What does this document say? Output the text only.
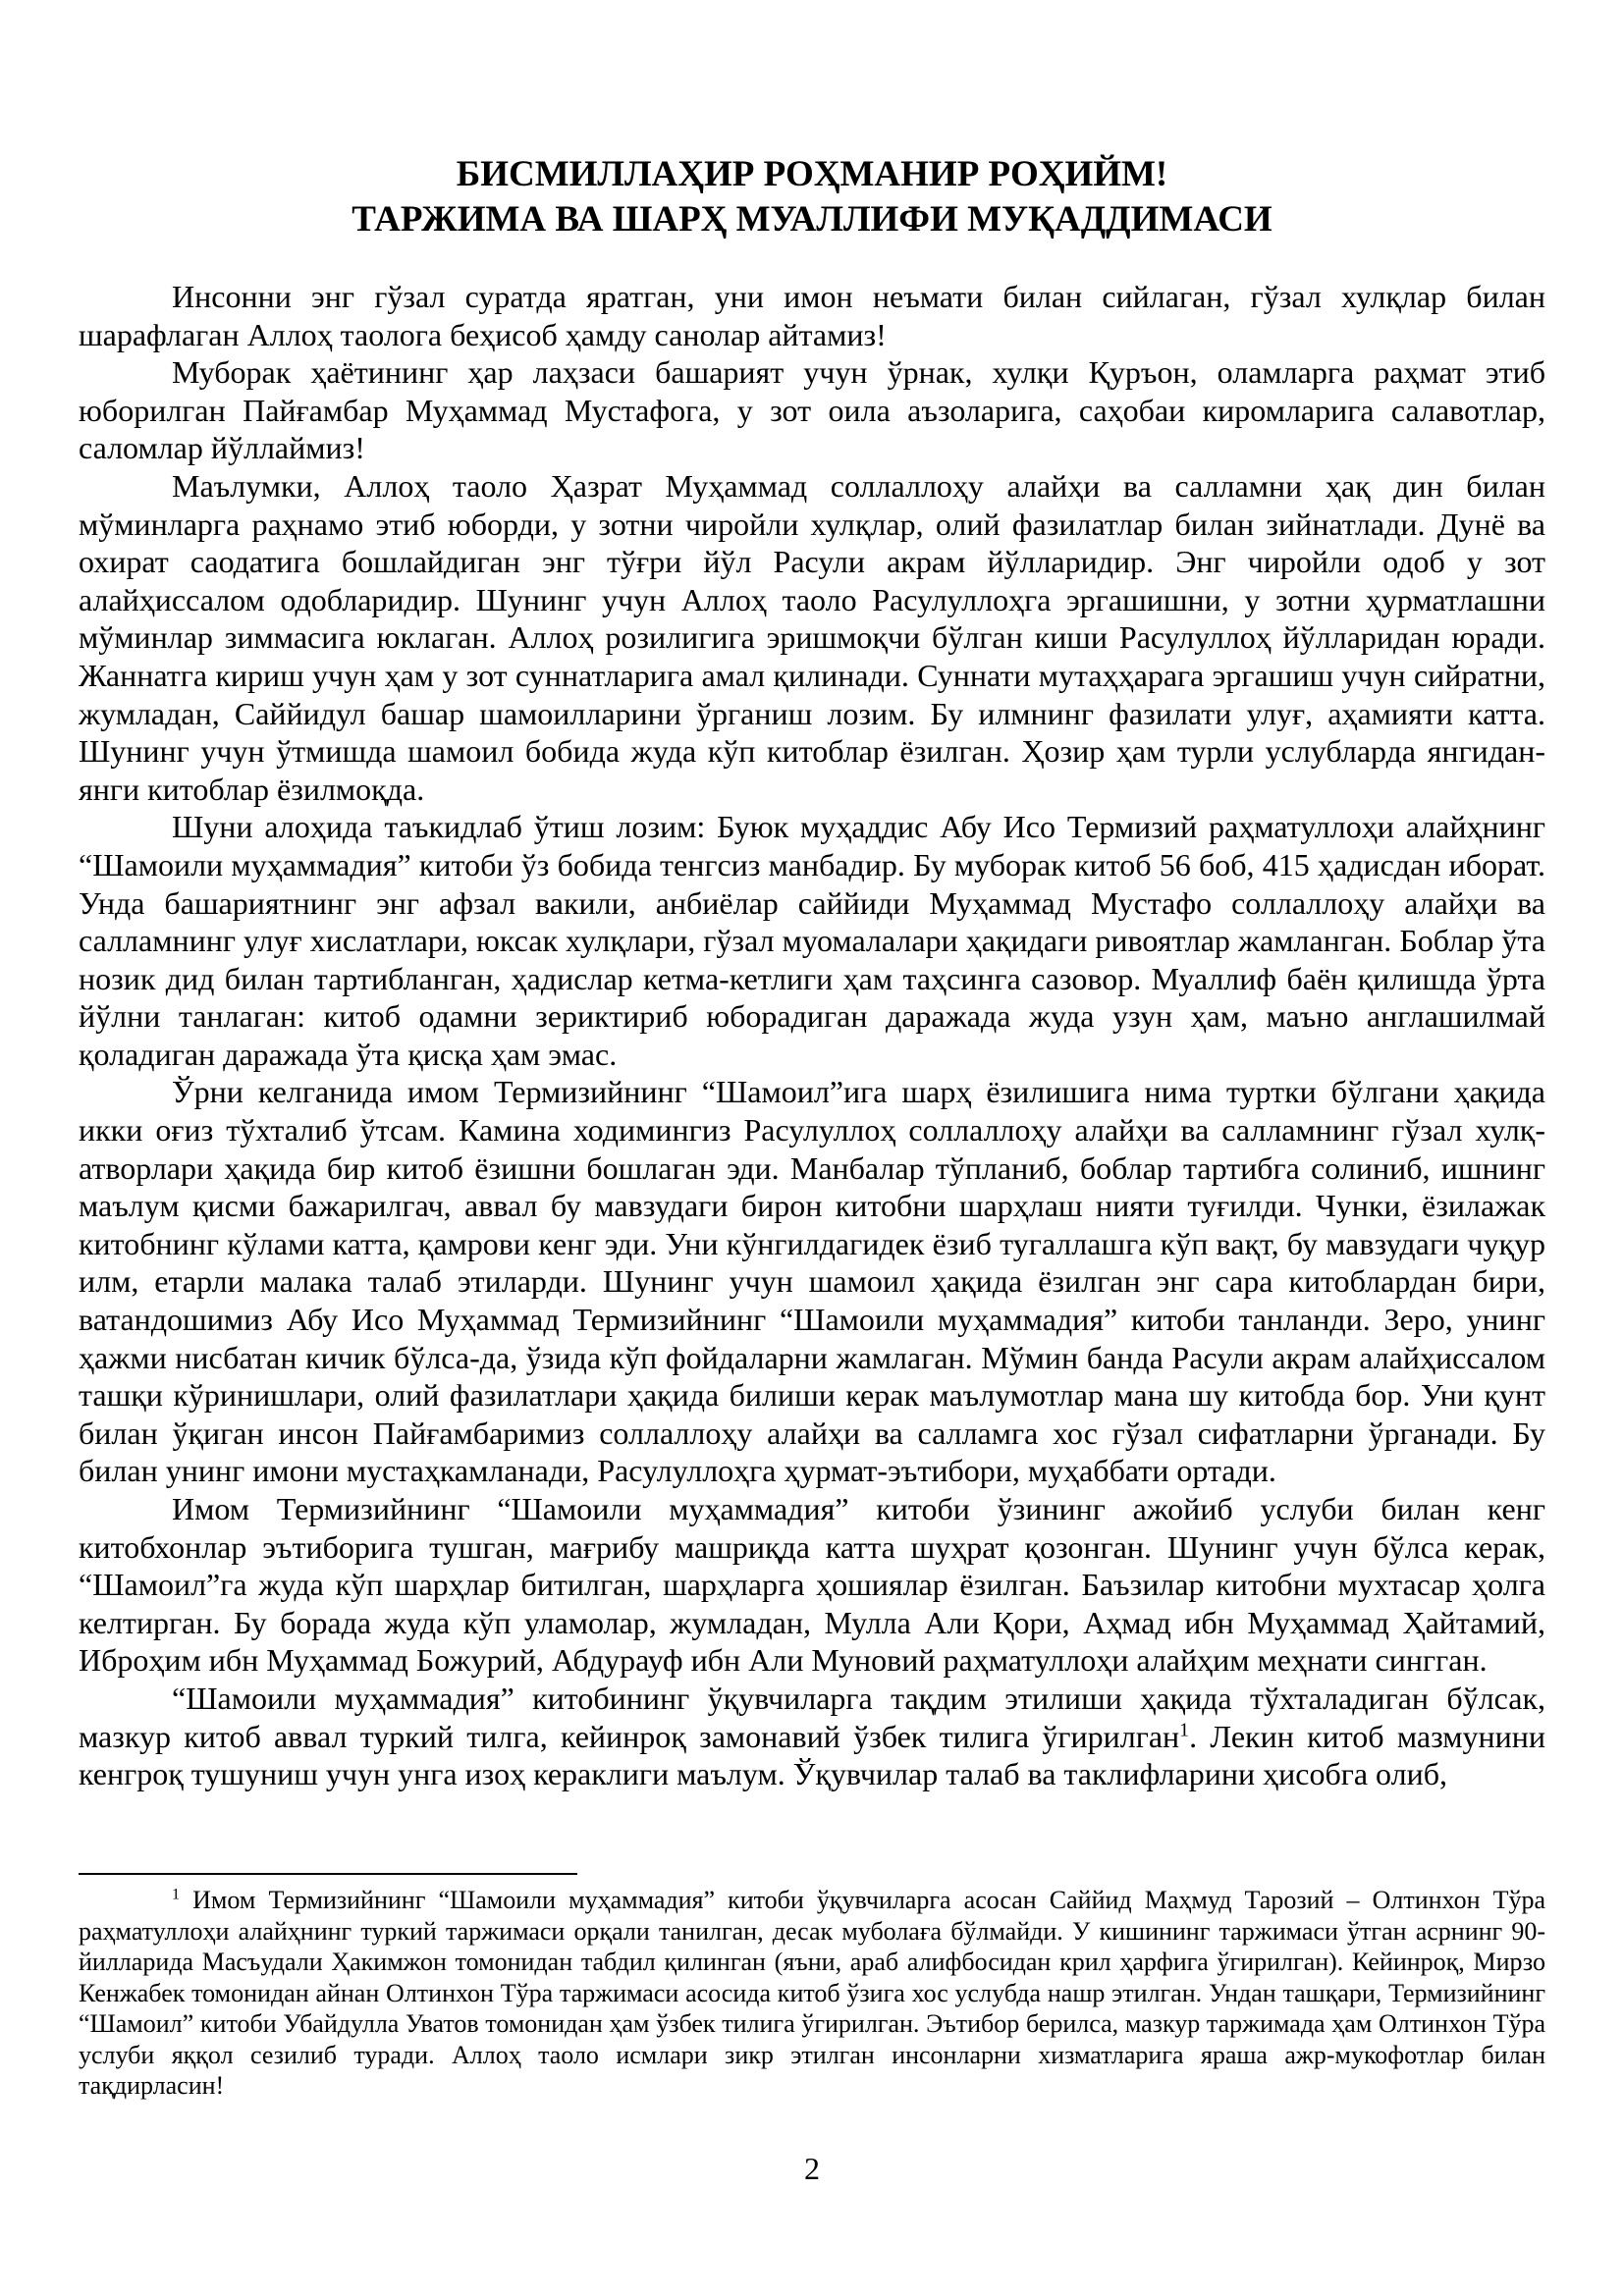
БИСМИЛЛАҲИР РОҲМАНИР РОҲИЙМ!
ТАРЖИМА ВА ШАРҲ МУАЛЛИФИ МУҚАДДИМАСИ

Инсонни энг гўзал суратда яратган, уни имон неъмати билан сийлаган, гўзал хулқлар билан шарафлаган Аллоҳ таологa беҳисоб ҳамду санолар айтамиз!

Муборак ҳаётининг ҳар лаҳзаси башарият учун ўрнак, хулқи Қуръон, оламларга раҳмат этиб юборилган Пайғамбар Муҳаммад Мустафога, у зот оила аъзоларига, саҳобаи киромларига салавотлар, саломлар йўллаймиз!

Маълумки, Аллоҳ таоло Ҳазрат Муҳаммад соллаллоҳу алайҳи ва салламни ҳақ дин билан мўминларга раҳнамо этиб юборди, у зотни чиройли хулқлар, олий фазилатлар билан зийнатлади. Дунё ва охират саодатига бошлайдиган энг тўғри йўл Расули акрам йўлларидир. Энг чиройли одоб у зот алайҳиссалом одобларидир. Шунинг учун Аллоҳ таоло Расулуллоҳга эргашишни, у зотни ҳурматлашни мўминлар зиммасига юклаган. Аллоҳ розилигига эришмоқчи бўлган киши Расулуллоҳ йўлларидан юради. Жаннатга кириш учун ҳам у зот суннатларига амал қилинади. Суннати мутаҳҳарага эргашиш учун сийратни, жумладан, Саййидул башар шамоилларини ўрганиш лозим. Бу илмнинг фазилати улуғ, аҳамияти катта. Шунинг учун ўтмишда шамоил бобида жуда кўп китоблар ёзилган. Ҳозир ҳам турли услубларда янгидан-янги китоблар ёзилмоқда.

Шуни алоҳида таъкидлаб ўтиш лозим: Буюк муҳаддис Абу Исо Термизий раҳматуллоҳи алайҳнинг “Шамоили муҳаммадия” китоби ўз бобида тенгсиз манбадир. Бу муборак китоб 56 боб, 415 ҳадисдан иборат. Унда башариятнинг энг афзал вакили, анбиёлар саййиди Муҳаммад Мустафо соллаллоҳу алайҳи ва салламнинг улуғ хислатлари, юксак хулқлари, гўзал муомалалари ҳақидаги ривоятлар жамланган. Боблар ўта нозик дид билан тартибланган, ҳадислар кетма-кетлиги ҳам таҳсинга сазовор. Муаллиф баён қилишда ўрта йўлни танлаган: китоб одамни зериктириб юборадиган даражада жуда узун ҳам, маъно англашилмай қоладиган даражада ўта қисқа ҳам эмас.

Ўрни келганида имом Термизийнинг “Шамоил”ига шарҳ ёзилишига нима туртки бўлгани ҳақида икки оғиз тўхталиб ўтсам. Камина ходимингиз Расулуллоҳ соллаллоҳу алайҳи ва салламнинг гўзал хулқ-атворлари ҳақида бир китоб ёзишни бошлаган эди. Манбалар тўпланиб, боблар тартибга солиниб, ишнинг маълум қисми бажарилгач, аввал бу мавзудаги бирон китобни шарҳлаш нияти туғилди. Чунки, ёзилажак китобнинг кўлами катта, қамрови кенг эди. Уни кўнгилдагидек ёзиб тугаллашга кўп вақт, бу мавзудаги чуқур илм, етарли малака талаб этиларди. Шунинг учун шамоил ҳақида ёзилган энг сара китоблардан бири, ватандошимиз Абу Исо Муҳаммад Термизийнинг “Шамоили муҳаммадия” китоби танланди. Зеро, унинг ҳажми нисбатан кичик бўлса-да, ўзида кўп фойдаларни жамлаган. Мўмин банда Расули акрам алайҳиссалом ташқи кўринишлари, олий фазилатлари ҳақида билиши керак маълумотлар мана шу китобда бор. Уни қунт билан ўқиган инсон Пайғамбаримиз соллаллоҳу алайҳи ва салламга хос гўзал сифатларни ўрганади. Бу билан унинг имони мустаҳкамланади, Расулуллоҳга ҳурмат-эътибори, муҳаббати ортади.

Имом Термизийнинг “Шамоили муҳаммадия” китоби ўзининг ажойиб услуби билан кенг китобхонлар эътиборига тушган, мағрибу машриқда катта шуҳрат қозонган. Шунинг учун бўлса керак, “Шамоил”га жуда кўп шарҳлар битилган, шарҳларга ҳошиялар ёзилган. Баъзилар китобни мухтасар ҳолга келтирган. Бу борада жуда кўп уламолар, жумладан, Мулла Али Қори, Аҳмад ибн Муҳаммад Ҳайтамий, Иброҳим ибн Муҳаммад Божурий, Абдурауф ибн Али Муновий раҳматуллоҳи алайҳим меҳнати сингган.

“Шамоили муҳаммадия” китобининг ўқувчиларга тақдим этилиши ҳақида тўхталадиган бўлсак, мазкур китоб аввал туркий тилга, кейинроқ замонавий ўзбек тилига ўгирилган$^1$. Лекин китоб мазмунини кенгроқ тушуниш учун унга изоҳ кераклиги маълум. Ўқувчилар талаб ва таклифларини ҳисобга олиб,

$^1$ Имом Термизийнинг “Шамоили муҳаммадия” китоби ўқувчиларга асосан Саййид Маҳмуд Тарозий – Олтинхон Тўра раҳматуллоҳи алайҳнинг туркий таржимаси орқали танилган, десак муболаға бўлмайди. У кишининг таржимаси ўтган асрнинг 90-йилларида Масъудали Ҳакимжон томонидан табдил қилинган (яъни, араб алифбосидан крил ҳарфига ўгирилган). Кейинроқ, Мирзо Кенжабек томонидан айнан Олтинхон Тўра таржимаси асосида китоб ўзига хос услубда нашр этилган. Ундан ташқари, Термизийнинг “Шамоил” китоби Убайдулла Уватов томонидан ҳам ўзбек тилига ўгирилган. Эътибор берилса, мазкур таржимада ҳам Олтинхон Тўра услуби яққол сезилиб туради. Аллоҳ таоло исмлари зикр этилган инсонларни хизматларига яраша ажр-мукофотлар билан тақдирласин!

2
